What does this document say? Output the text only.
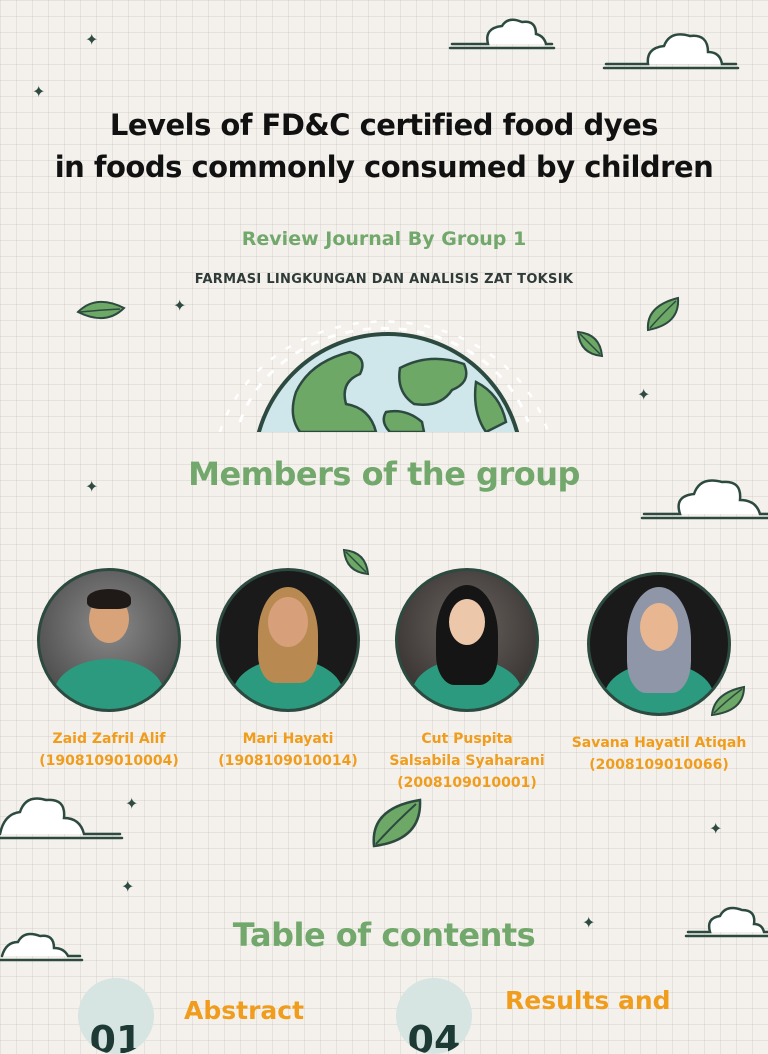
✦
✦
✦
✦
✦
✦
✦
✦
✦
Levels of FD&C certified food dyes
in foods commonly consumed by children
Review Journal By Group 1
FARMASI LINGKUNGAN DAN ANALISIS ZAT TOKSIK
Members of the group
Zaid Zafril Alif
(1908109010004)
Mari Hayati
(1908109010014)
Cut Puspita
Salsabila Syaharani
(2008109010001)
Savana Hayatil Atiqah
(2008109010066)
Table of contents
01
Abstract
04
Results and
